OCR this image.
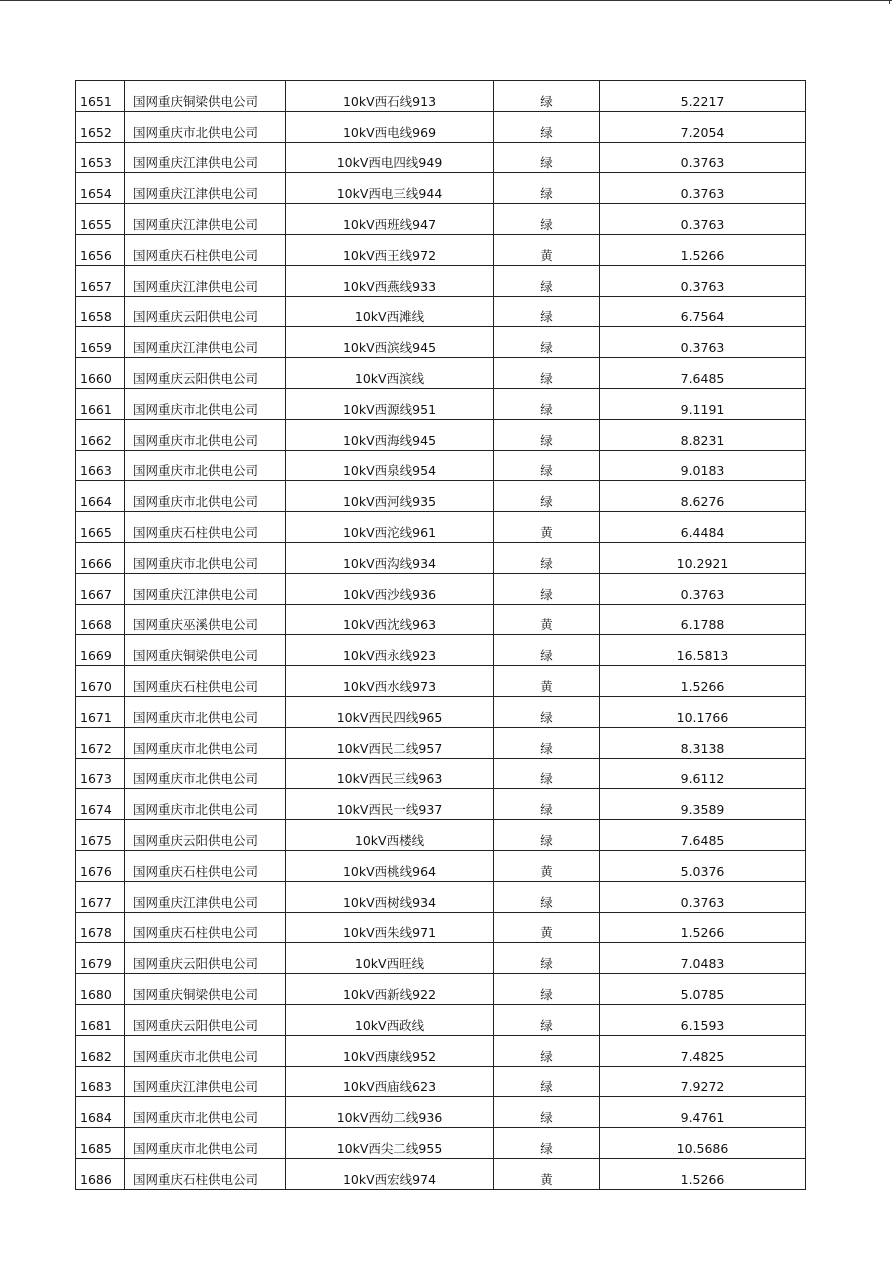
1651	国网重庆铜梁供电公司	10kV西石线913	绿	5.2217
1652	国网重庆市北供电公司	10kV西电线969	绿	7.2054
1653	国网重庆江津供电公司	10kV西电四线949	绿	0.3763
1654	国网重庆江津供电公司	10kV西电三线944	绿	0.3763
1655	国网重庆江津供电公司	10kV西班线947	绿	0.3763
1656	国网重庆石柱供电公司	10kV西王线972	黄	1.5266
1657	国网重庆江津供电公司	10kV西燕线933	绿	0.3763
1658	国网重庆云阳供电公司	10kV西滩线	绿	6.7564
1659	国网重庆江津供电公司	10kV西滨线945	绿	0.3763
1660	国网重庆云阳供电公司	10kV西滨线	绿	7.6485
1661	国网重庆市北供电公司	10kV西源线951	绿	9.1191
1662	国网重庆市北供电公司	10kV西海线945	绿	8.8231
1663	国网重庆市北供电公司	10kV西泉线954	绿	9.0183
1664	国网重庆市北供电公司	10kV西河线935	绿	8.6276
1665	国网重庆石柱供电公司	10kV西沱线961	黄	6.4484
1666	国网重庆市北供电公司	10kV西沟线934	绿	10.2921
1667	国网重庆江津供电公司	10kV西沙线936	绿	0.3763
1668	国网重庆巫溪供电公司	10kV西沈线963	黄	6.1788
1669	国网重庆铜梁供电公司	10kV西永线923	绿	16.5813
1670	国网重庆石柱供电公司	10kV西水线973	黄	1.5266
1671	国网重庆市北供电公司	10kV西民四线965	绿	10.1766
1672	国网重庆市北供电公司	10kV西民二线957	绿	8.3138
1673	国网重庆市北供电公司	10kV西民三线963	绿	9.6112
1674	国网重庆市北供电公司	10kV西民一线937	绿	9.3589
1675	国网重庆云阳供电公司	10kV西楼线	绿	7.6485
1676	国网重庆石柱供电公司	10kV西桃线964	黄	5.0376
1677	国网重庆江津供电公司	10kV西树线934	绿	0.3763
1678	国网重庆石柱供电公司	10kV西朱线971	黄	1.5266
1679	国网重庆云阳供电公司	10kV西旺线	绿	7.0483
1680	国网重庆铜梁供电公司	10kV西新线922	绿	5.0785
1681	国网重庆云阳供电公司	10kV西政线	绿	6.1593
1682	国网重庆市北供电公司	10kV西康线952	绿	7.4825
1683	国网重庆江津供电公司	10kV西庙线623	绿	7.9272
1684	国网重庆市北供电公司	10kV西幼二线936	绿	9.4761
1685	国网重庆市北供电公司	10kV西尖二线955	绿	10.5686
1686	国网重庆石柱供电公司	10kV西宏线974	黄	1.5266
